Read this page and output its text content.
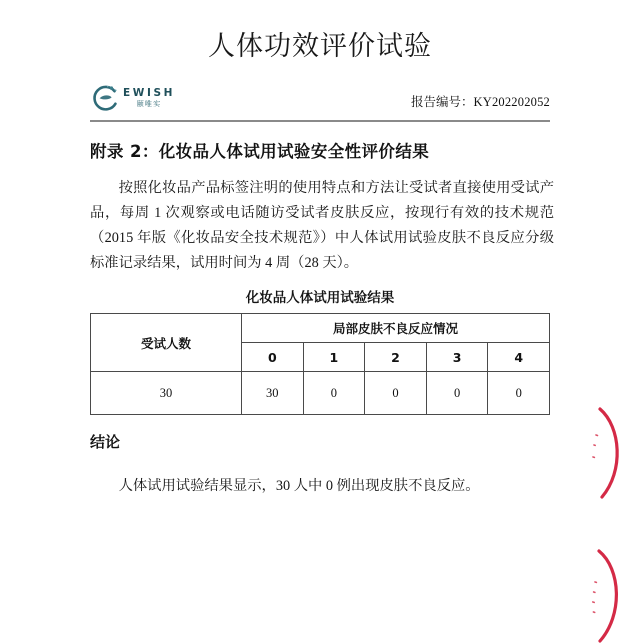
人体功效评价试验
EWISH
颐唯实	报告编号：KY202202052
附录 2：化妆品人体试用试验安全性评价结果
按照化妆品产品标签注明的使用特点和方法让受试者直接使用受试产品，每周 1 次观察或电话随访受试者皮肤反应，按现行有效的技术规范（2015 年版《化妆品安全技术规范》）中人体试用试验皮肤不良反应分级标准记录结果，试用时间为 4 周（28 天）。
化妆品人体试用试验结果
受试人数	局部皮肤不良反应情况				
	0	1	2	3	4
30	30	0	0	0	0
结论
人体试用试验结果显示，30 人中 0 例出现皮肤不良反应。
